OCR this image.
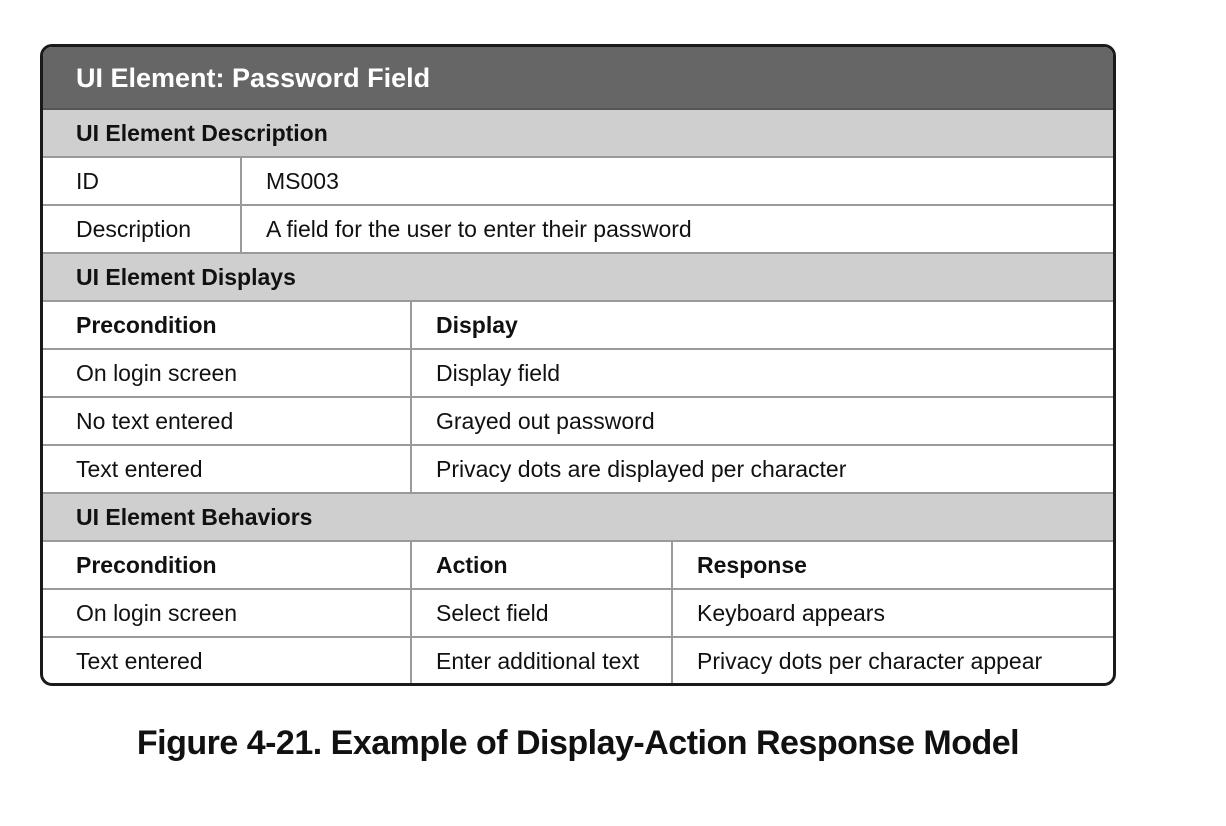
UI Element: Password Field
UI Element Description
ID	MS003
Description	A field for the user to enter their password
UI Element Displays
Precondition	Display
On login screen	Display field
No text entered	Grayed out password
Text entered	Privacy dots are displayed per character
UI Element Behaviors
Precondition	Action	Response
On login screen	Select field	Keyboard appears
Text entered	Enter additional text	Privacy dots per character appear
Figure 4-21. Example of Display-Action Response Model
